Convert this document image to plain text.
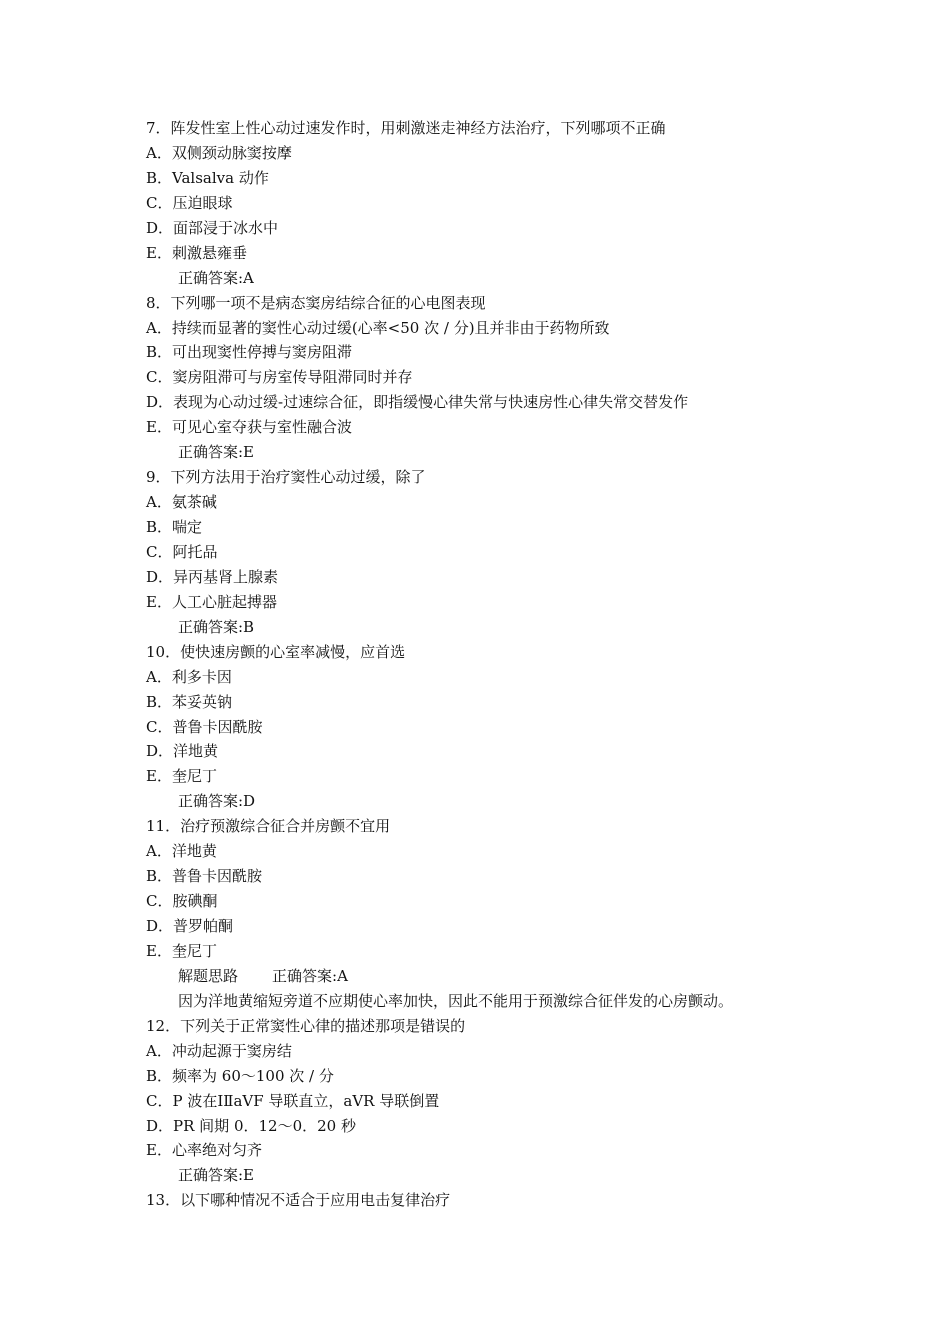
7．阵发性室上性心动过速发作时，用刺激迷走神经方法治疗，下列哪项不正确
A．双侧颈动脉窦按摩
B．Valsalva 动作
C．压迫眼球
D．面部浸于冰水中
E．刺激悬雍垂
正确答案:A
8．下列哪一项不是病态窦房结综合征的心电图表现
A．持续而显著的窦性心动过缓(心率<50 次 / 分)且并非由于药物所致
B．可出现窦性停搏与窦房阻滞
C．窦房阻滞可与房室传导阻滞同时并存
D．表现为心动过缓-过速综合征，即指缓慢心律失常与快速房性心律失常交替发作
E．可见心室夺获与室性融合波
正确答案:E
9．下列方法用于治疗窦性心动过缓，除了
A．氨茶碱
B．喘定
C．阿托品
D．异丙基肾上腺素
E．人工心脏起搏器
正确答案:B
10．使快速房颤的心室率减慢，应首选
A．利多卡因
B．苯妥英钠
C．普鲁卡因酰胺
D．洋地黄
E．奎尼丁
正确答案:D
11．治疗预激综合征合并房颤不宜用
A．洋地黄
B．普鲁卡因酰胺
C．胺碘酮
D．普罗帕酮
E．奎尼丁
解题思路 正确答案:A
因为洋地黄缩短旁道不应期使心率加快，因此不能用于预激综合征伴发的心房颤动。
12．下列关于正常窦性心律的描述那项是错误的
A．冲动起源于窦房结
B．频率为 60～100 次 / 分
C．P 波在ⅠⅡaVF 导联直立，aVR 导联倒置
D．PR 间期 0．12～0．20 秒
E．心率绝对匀齐
正确答案:E
13．以下哪种情况不适合于应用电击复律治疗
